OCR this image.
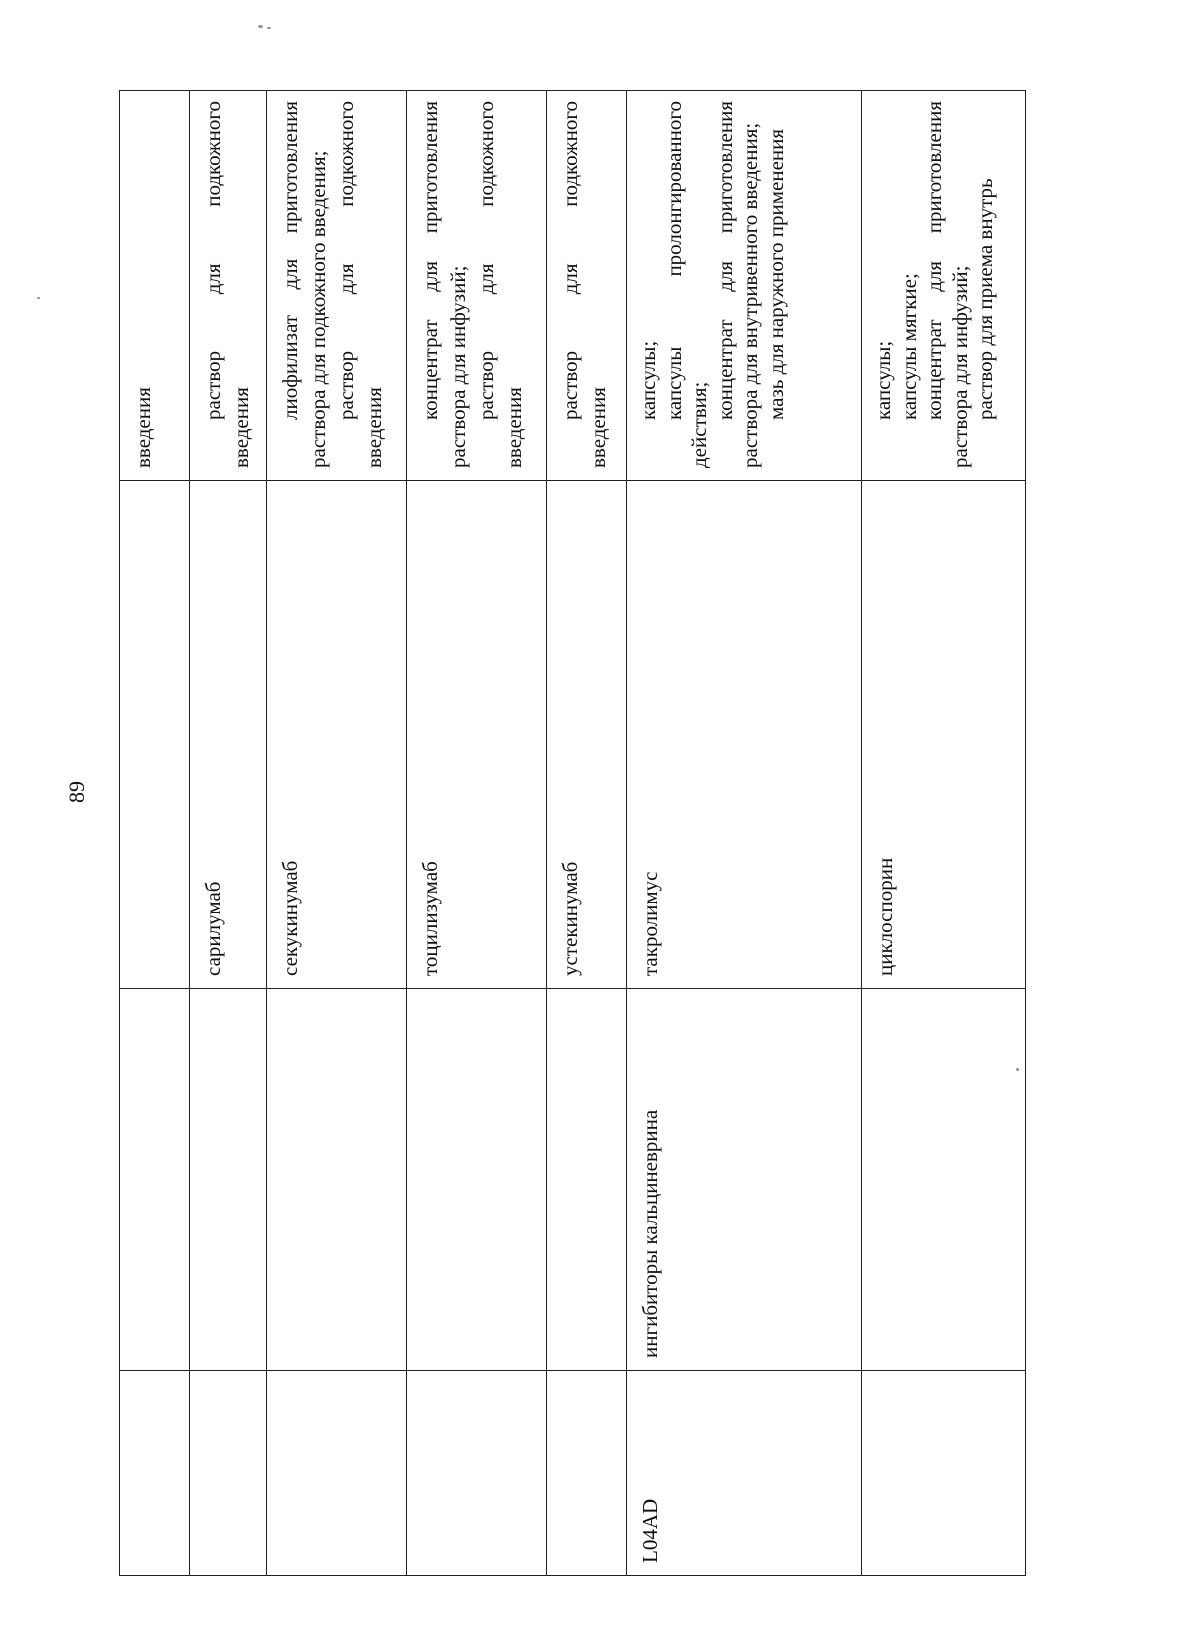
89

			введения

		сарилумаб	раствор для подкожного
введения

		секукинумаб	лиофилизат для приготовления раствора для подкожного введения; раствор для подкожного
введения

		тоцилизумаб	концентрат для приготовления раствора для инфузий; раствор для подкожного
введения

		устекинумаб	раствор для подкожного
введения

L04AD	ингибиторы кальциневрина	такролимус	капсулы; капсулы пролонгированного действия;
концентрат для приготовления раствора для внутривенного введения; мазь для наружного применения

		циклоспорин	капсулы; капсулы мягкие; концентрат для приготовления раствора для инфузий; раствор для приема внутрь
